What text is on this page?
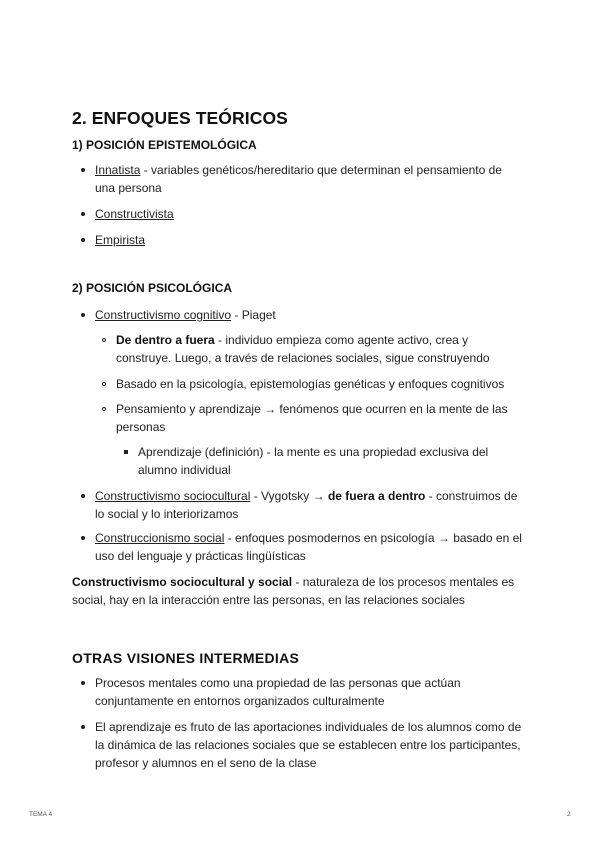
2. ENFOQUES TEÓRICOS
1) POSICIÓN EPISTEMOLÓGICA
Innatista - variables genéticos/hereditario que determinan el pensamiento de
una persona
Constructivista
Empirista
2) POSICIÓN PSICOLÓGICA
Constructivismo cognitivo - Piaget
De dentro a fuera - individuo empieza como agente activo, crea y
construye. Luego, a través de relaciones sociales, sigue construyendo
Basado en la psicología, epistemologías genéticas y enfoques cognitivos
Pensamiento y aprendizaje → fenómenos que ocurren en la mente de las
personas
Aprendizaje (definición) - la mente es una propiedad exclusiva del
alumno individual
Constructivismo sociocultural - Vygotsky → de fuera a dentro - construimos de
lo social y lo interiorizamos
Construccionismo social - enfoques posmodernos en psicología → basado en el
uso del lenguaje y prácticas lingüísticas
Constructivismo sociocultural y social - naturaleza de los procesos mentales es
social, hay en la interacción entre las personas, en las relaciones sociales
OTRAS VISIONES INTERMEDIAS
Procesos mentales como una propiedad de las personas que actúan
conjuntamente en entornos organizados culturalmente
El aprendizaje es fruto de las aportaciones individuales de los alumnos como de
la dinámica de las relaciones sociales que se establecen entre los participantes,
profesor y alumnos en el seno de la clase
TEMA 4	2
